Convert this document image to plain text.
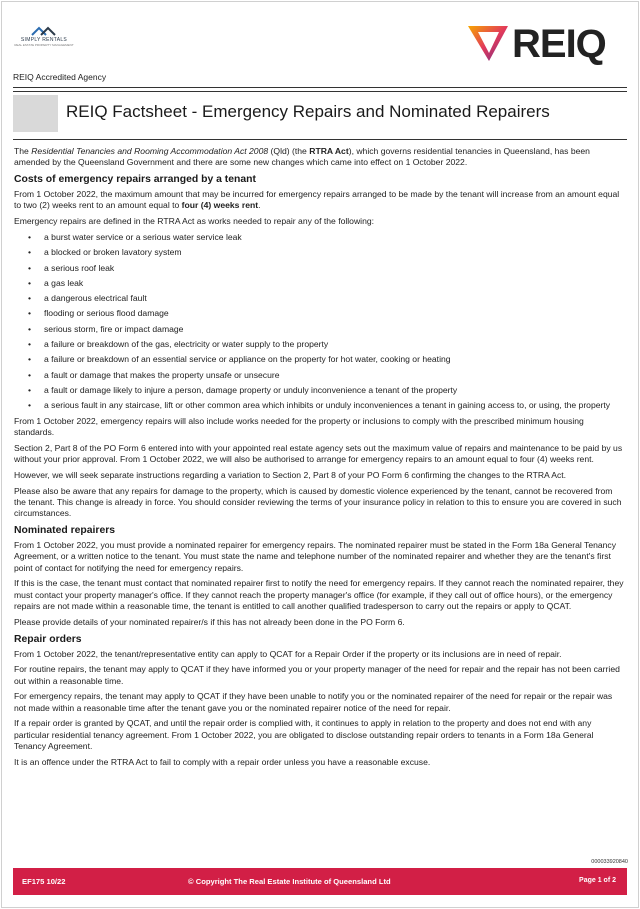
SIMPLY RENTALS
REAL ESTATE PROPERTY MANAGEMENT	REIQ
REIQ Accredited Agency
REIQ Factsheet - Emergency Repairs and Nominated Repairers

The Residential Tenancies and Rooming Accommodation Act 2008 (Qld) (the RTRA Act), which governs residential tenancies in Queensland, has been amended by the Queensland Government and there are some new changes which came into effect on 1 October 2022.

Costs of emergency repairs arranged by a tenant

From 1 October 2022, the maximum amount that may be incurred for emergency repairs arranged to be made by the tenant will increase from an amount equal to two (2) weeks rent to an amount equal to four (4) weeks rent.

Emergency repairs are defined in the RTRA Act as works needed to repair any of the following:

• a burst water service or a serious water service leak
• a blocked or broken lavatory system
• a serious roof leak
• a gas leak
• a dangerous electrical fault
• flooding or serious flood damage
• serious storm, fire or impact damage
• a failure or breakdown of the gas, electricity or water supply to the property
• a failure or breakdown of an essential service or appliance on the property for hot water, cooking or heating
• a fault or damage that makes the property unsafe or unsecure
• a fault or damage likely to injure a person, damage property or unduly inconvenience a tenant of the property
• a serious fault in any staircase, lift or other common area which inhibits or unduly inconveniences a tenant in gaining access to, or using, the property

From 1 October 2022, emergency repairs will also include works needed for the property or inclusions to comply with the prescribed minimum housing standards.

Section 2, Part 8 of the PO Form 6 entered into with your appointed real estate agency sets out the maximum value of repairs and maintenance to be paid by us without your prior approval. From 1 October 2022, we will also be authorised to arrange for emergency repairs to an amount equal to four (4) weeks rent.

However, we will seek separate instructions regarding a variation to Section 2, Part 8 of your PO Form 6 confirming the changes to the RTRA Act.

Please also be aware that any repairs for damage to the property, which is caused by domestic violence experienced by the tenant, cannot be recovered from the tenant. This change is already in force. You should consider reviewing the terms of your insurance policy in relation to this to ensure you are covered in such circumstances.

Nominated repairers

From 1 October 2022, you must provide a nominated repairer for emergency repairs. The nominated repairer must be stated in the Form 18a General Tenancy Agreement, or a written notice to the tenant. You must state the name and telephone number of the nominated repairer and whether they are the tenant's first point of contact for notifying the need for emergency repairs.

If this is the case, the tenant must contact that nominated repairer first to notify the need for emergency repairs. If they cannot reach the nominated repairer, they must contact your property manager's office. If they cannot reach the property manager's office (for example, if they call out of office hours), or the emergency repairs are not made within a reasonable time, the tenant is entitled to call another qualified tradesperson to carry out the repairs or apply to QCAT.

Please provide details of your nominated repairer/s if this has not already been done in the PO Form 6.

Repair orders

From 1 October 2022, the tenant/representative entity can apply to QCAT for a Repair Order if the property or its inclusions are in need of repair.

For routine repairs, the tenant may apply to QCAT if they have informed you or your property manager of the need for repair and the repair has not been carried out within a reasonable time.

For emergency repairs, the tenant may apply to QCAT if they have been unable to notify you or the nominated repairer of the need for repair or the repair was not made within a reasonable time after the tenant gave you or the nominated repairer notice of the need for repair.

If a repair order is granted by QCAT, and until the repair order is complied with, it continues to apply in relation to the property and does not end with any particular residential tenancy agreement. From 1 October 2022, you are obligated to disclose outstanding repair orders to tenants in a Form 18a General Tenancy Agreement.

It is an offence under the RTRA Act to fail to comply with a repair order unless you have a reasonable excuse.

000033920840
EF175 10/22	© Copyright The Real Estate Institute of Queensland Ltd	Page 1 of 2
